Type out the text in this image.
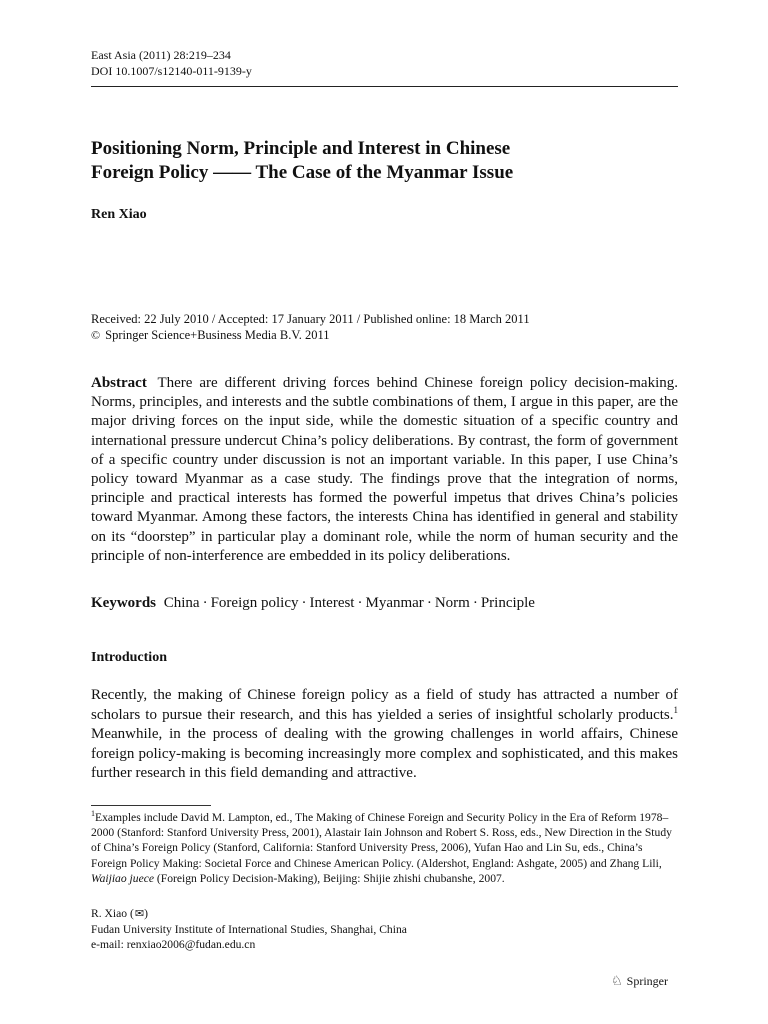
East Asia (2011) 28:219–234
DOI 10.1007/s12140-011-9139-y
Positioning Norm, Principle and Interest in Chinese
Foreign Policy —— The Case of the Myanmar Issue
Ren Xiao
Received: 22 July 2010 / Accepted: 17 January 2011 / Published online: 18 March 2011
© Springer Science+Business Media B.V. 2011
Abstract There are different driving forces behind Chinese foreign policy decision-making. Norms, principles, and interests and the subtle combinations of them, I argue in this paper, are the major driving forces on the input side, while the domestic situation of a specific country and international pressure undercut China’s policy deliberations. By contrast, the form of government of a specific country under discussion is not an important variable. In this paper, I use China’s policy toward Myanmar as a case study. The findings prove that the integration of norms, principle and practical interests has formed the powerful impetus that drives China’s policies toward Myanmar. Among these factors, the interests China has identified in general and stability on its “doorstep” in particular play a dominant role, while the norm of human security and the principle of non-interference are embedded in its policy deliberations.
Keywords China · Foreign policy · Interest · Myanmar · Norm · Principle
Introduction
Recently, the making of Chinese foreign policy as a field of study has attracted a number of scholars to pursue their research, and this has yielded a series of insightful scholarly products.$^1$ Meanwhile, in the process of dealing with the growing challenges in world affairs, Chinese foreign policy-making is becoming increasingly more complex and sophisticated, and this makes further research in this field demanding and attractive.
$^1$Examples include David M. Lampton, ed., The Making of Chinese Foreign and Security Policy in the Era of Reform 1978–2000 (Stanford: Stanford University Press, 2001), Alastair Iain Johnson and Robert S. Ross, eds., New Direction in the Study of China’s Foreign Policy (Stanford, California: Stanford University Press, 2006), Yufan Hao and Lin Su, eds., China’s Foreign Policy Making: Societal Force and Chinese American Policy. (Aldershot, England: Ashgate, 2005) and Zhang Lili, Waijiao juece (Foreign Policy Decision-Making), Beijing: Shijie zhishi chubanshe, 2007.
R. Xiao (✉)
Fudan University Institute of International Studies, Shanghai, China
e-mail: renxiao2006@fudan.edu.cn
♘ Springer
